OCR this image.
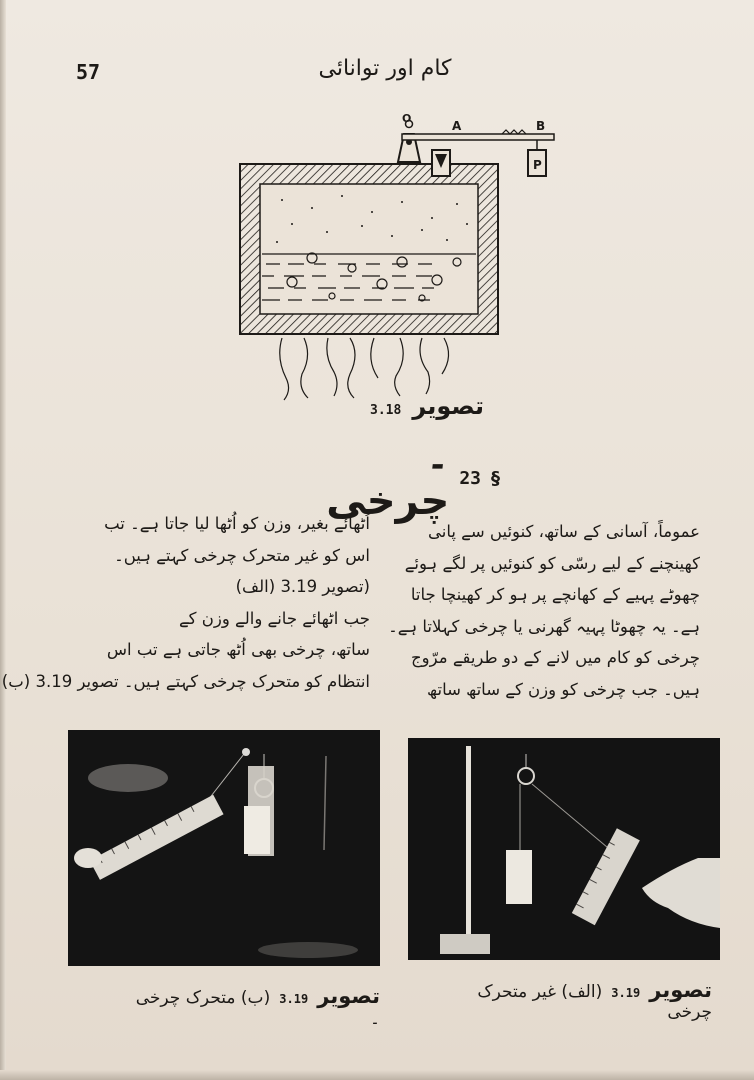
57	کام اور توانائی
P
O
A	B
تصویر 3.18
§
23
۔ چرخی
عموماً، آسانی کے ساتھ، کنوئیں سے پانی
کھینچنے کے لیے رسّی کو کنوئیں پر لگے ہوئے
چھوٹے پہیے کے کھانچے پر ہو کر کھینچا جاتا
ہے۔ یہ چھوٹا پہیہ گھرنی یا چرخی کہلاتا ہے۔
چرخی کو کام میں لانے کے دو طریقے مرّوج
ہیں۔ جب چرخی کو وزن کے ساتھ ساتھ
اُٹھائے بغیر، وزن کو اُٹھا لیا جاتا ہے۔ تب
اس کو غیر متحرک چرخی کہتے ہیں۔
(تصویر 3.19 (الف)
جب اٹھائے جانے والے وزن کے
ساتھ، چرخی بھی اُٹھ جاتی ہے تب اس
انتظام کو متحرک چرخی کہتے ہیں۔ تصویر 3.19 (ب)
تصویر 3.19 (ب) متحرک چرخی ۔
تصویر 3.19 (الف) غیر متحرک چرخی
